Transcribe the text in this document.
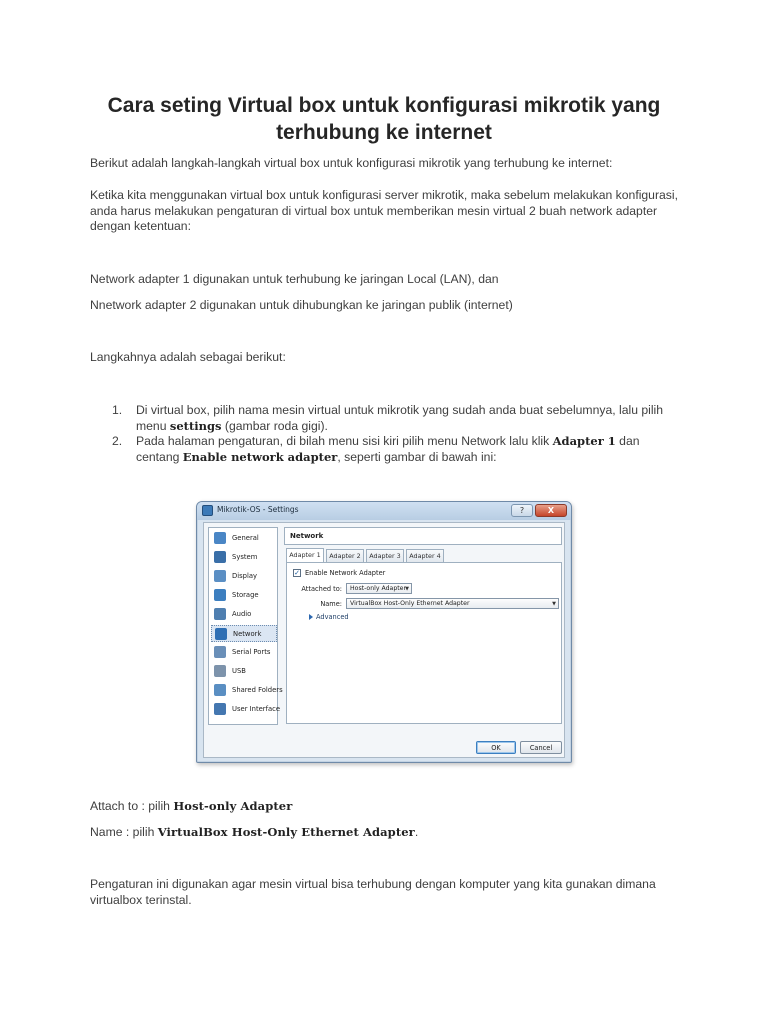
Cara seting Virtual box untuk konfigurasi mikrotik yang terhubung ke internet
Berikut adalah langkah-langkah virtual box untuk konfigurasi mikrotik yang terhubung ke internet:
Ketika kita menggunakan virtual box untuk konfigurasi server mikrotik, maka sebelum melakukan konfigurasi, anda harus melakukan pengaturan di virtual box untuk memberikan mesin virtual 2 buah network adapter dengan ketentuan:
Network adapter 1 digunakan untuk terhubung ke jaringan Local (LAN), dan
Nnetwork adapter 2 digunakan untuk dihubungkan ke jaringan publik (internet)
Langkahnya adalah sebagai berikut:
1. Di virtual box, pilih nama mesin virtual untuk mikrotik yang sudah anda buat sebelumnya, lalu pilih menu settings (gambar roda gigi).
2. Pada halaman pengaturan, di bilah menu sisi kiri pilih menu Network lalu klik Adapter 1 dan centang Enable network adapter, seperti gambar di bawah ini:
Mikrotik-OS - Settings	?	X
General
System
Display
Storage
Audio
Network
Serial Ports
USB
Shared Folders
User Interface
Network
Adapter 1	Adapter 2	Adapter 3	Adapter 4
✓ Enable Network Adapter
Attached to:	Host-only Adapter ▼
Name:	VirtualBox Host-Only Ethernet Adapter	▼
Advanced
OK	Cancel
Attach to : pilih Host-only Adapter
Name : pilih VirtualBox Host-Only Ethernet Adapter.
Pengaturan ini digunakan agar mesin virtual bisa terhubung dengan komputer yang kita gunakan dimana virtualbox terinstal.
